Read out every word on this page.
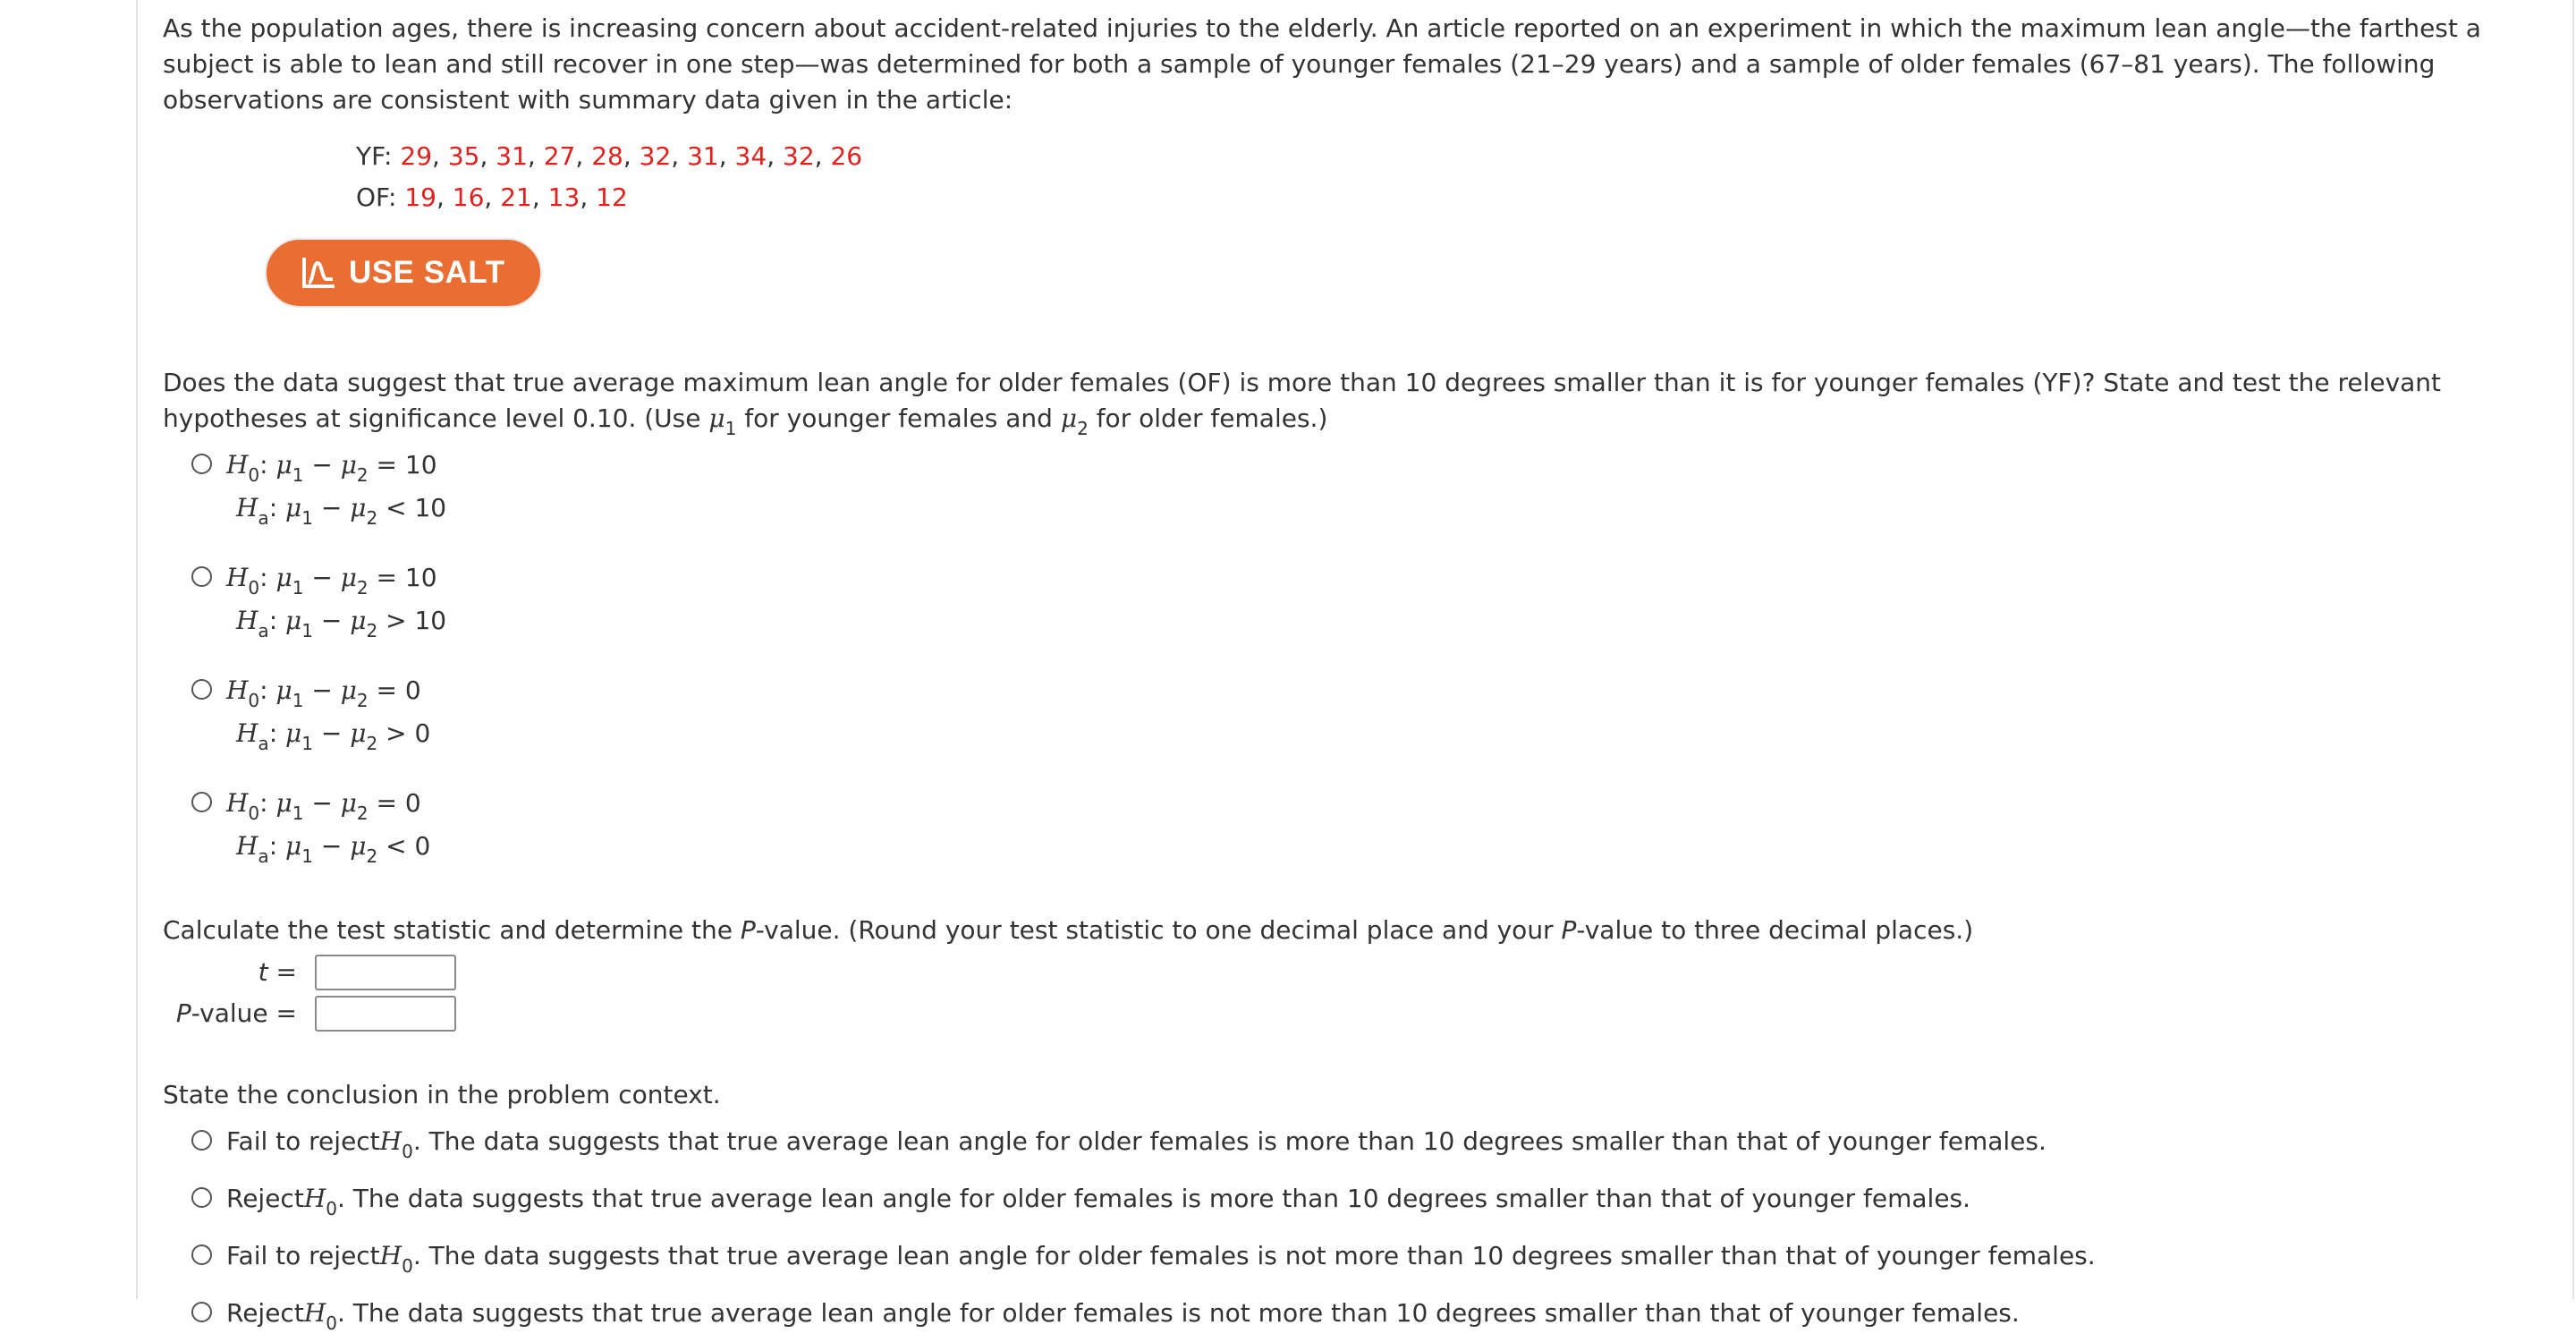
As the population ages, there is increasing concern about accident-related injuries to the elderly. An article reported on an experiment in which the maximum lean angle—the farthest a subject is able to lean and still recover in one step—was determined for both a sample of younger females (21–29 years) and a sample of older females (67–81 years). The following observations are consistent with summary data given in the article:

YF: 29, 35, 31, 27, 28, 32, 31, 34, 32, 26
OF: 19, 16, 21, 13, 12
USE SALT

Does the data suggest that true average maximum lean angle for older females (OF) is more than 10 degrees smaller than it is for younger females (YF)? State and test the relevant hypotheses at significance level 0.10. (Use $\mu_1$ for younger females and $\mu_2$ for older females.)

$H_0$: $\mu_1 - \mu_2 = 10$
$H_a$: $\mu_1 - \mu_2 < 10$
$H_0$: $\mu_1 - \mu_2 = 10$
$H_a$: $\mu_1 - \mu_2 > 10$
$H_0$: $\mu_1 - \mu_2 = 0$
$H_a$: $\mu_1 - \mu_2 > 0$
$H_0$: $\mu_1 - \mu_2 = 0$
$H_a$: $\mu_1 - \mu_2 < 0$

Calculate the test statistic and determine the P-value. (Round your test statistic to one decimal place and your P-value to three decimal places.)

t =
P-value =

State the conclusion in the problem context.

Fail to rejectH$_0$. The data suggests that true average lean angle for older females is more than 10 degrees smaller than that of younger females.
RejectH$_0$. The data suggests that true average lean angle for older females is more than 10 degrees smaller than that of younger females.
Fail to rejectH$_0$. The data suggests that true average lean angle for older females is not more than 10 degrees smaller than that of younger females.
RejectH$_0$. The data suggests that true average lean angle for older females is not more than 10 degrees smaller than that of younger females.
